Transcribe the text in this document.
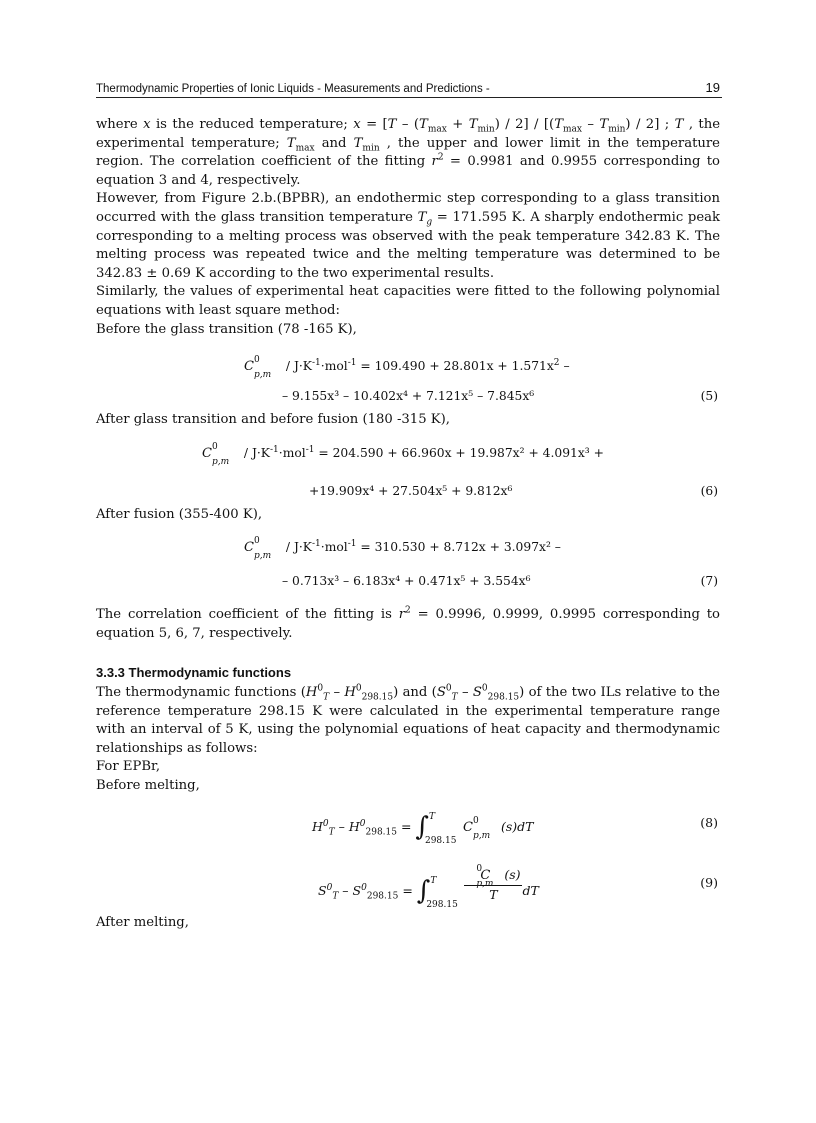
Thermodynamic Properties of Ionic Liquids - Measurements and Predictions -	19

where x is the reduced temperature; $x = [T - (T_{max} + T_{min}) / 2] / [(T_{max} - T_{min}) / 2]$ ; T , the experimental temperature; $T_{max}$ and $T_{min}$ , the upper and lower limit in the temperature region. The correlation coefficient of the fitting $r^2 = 0.9981$ and 0.9955 corresponding to equation 3 and 4, respectively.

However, from Figure 2.b.(BPBR), an endothermic step corresponding to a glass transition occurred with the glass transition temperature $T_g = 171.595$ K. A sharply endothermic peak corresponding to a melting process was observed with the peak temperature 342.83 K. The melting process was repeated twice and the melting temperature was determined to be 342.83 ± 0.69 K according to the two experimental results.

Similarly, the values of experimental heat capacities were fitted to the following polynomial equations with least square method:

Before the glass transition (78 -165 K),

C 0
p,m
/ $J\cdot K^{-1}\cdot mol^{-1} = 109.490 + 28.801x + 1.571x^2$ –
– 9.155x³ – 10.402x⁴ + 7.121x⁵ – 7.845x⁶	(5)

After glass transition and before fusion (180 -315 K),

C 0
p,m
/ $J\cdot K^{-1}\cdot mol^{-1} = 204.590 + 66.960x + 19.987x^2 + 4.091x^3$ +
+19.909x⁴ + 27.504x⁵ + 9.812x⁶	(6)

After fusion (355-400 K),

C 0
p,m
/ $J\cdot K^{-1}\cdot mol^{-1} = 310.530 + 8.712x + 3.097x^2$ –
– 0.713x³ – 6.183x⁴ + 0.471x⁵ + 3.554x⁶	(7)

The correlation coefficient of the fitting is $r^2 = 0.9996$, 0.9999, 0.9995 corresponding to equation 5, 6, 7, respectively.

3.3.3 Thermodynamic functions

The thermodynamic functions $(H^0_T - H^0_{298.15})$ and $(S^0_T - S^0_{298.15})$ of the two ILs relative to the reference temperature 298.15 K were calculated in the experimental temperature range with an interval of 5 K, using the polynomial equations of heat capacity and thermodynamic relationships as follows:

For EPBr,

Before melting,

$H^0_T - H^0_{298.15}$ = ∫ T
298.15
C 0
p,m
(s)dT	(8)
$S^0_T - S^0_{298.15}$ = ∫ T
298.15 C
0
p,m
(s)
T dT
(9)

After melting,
